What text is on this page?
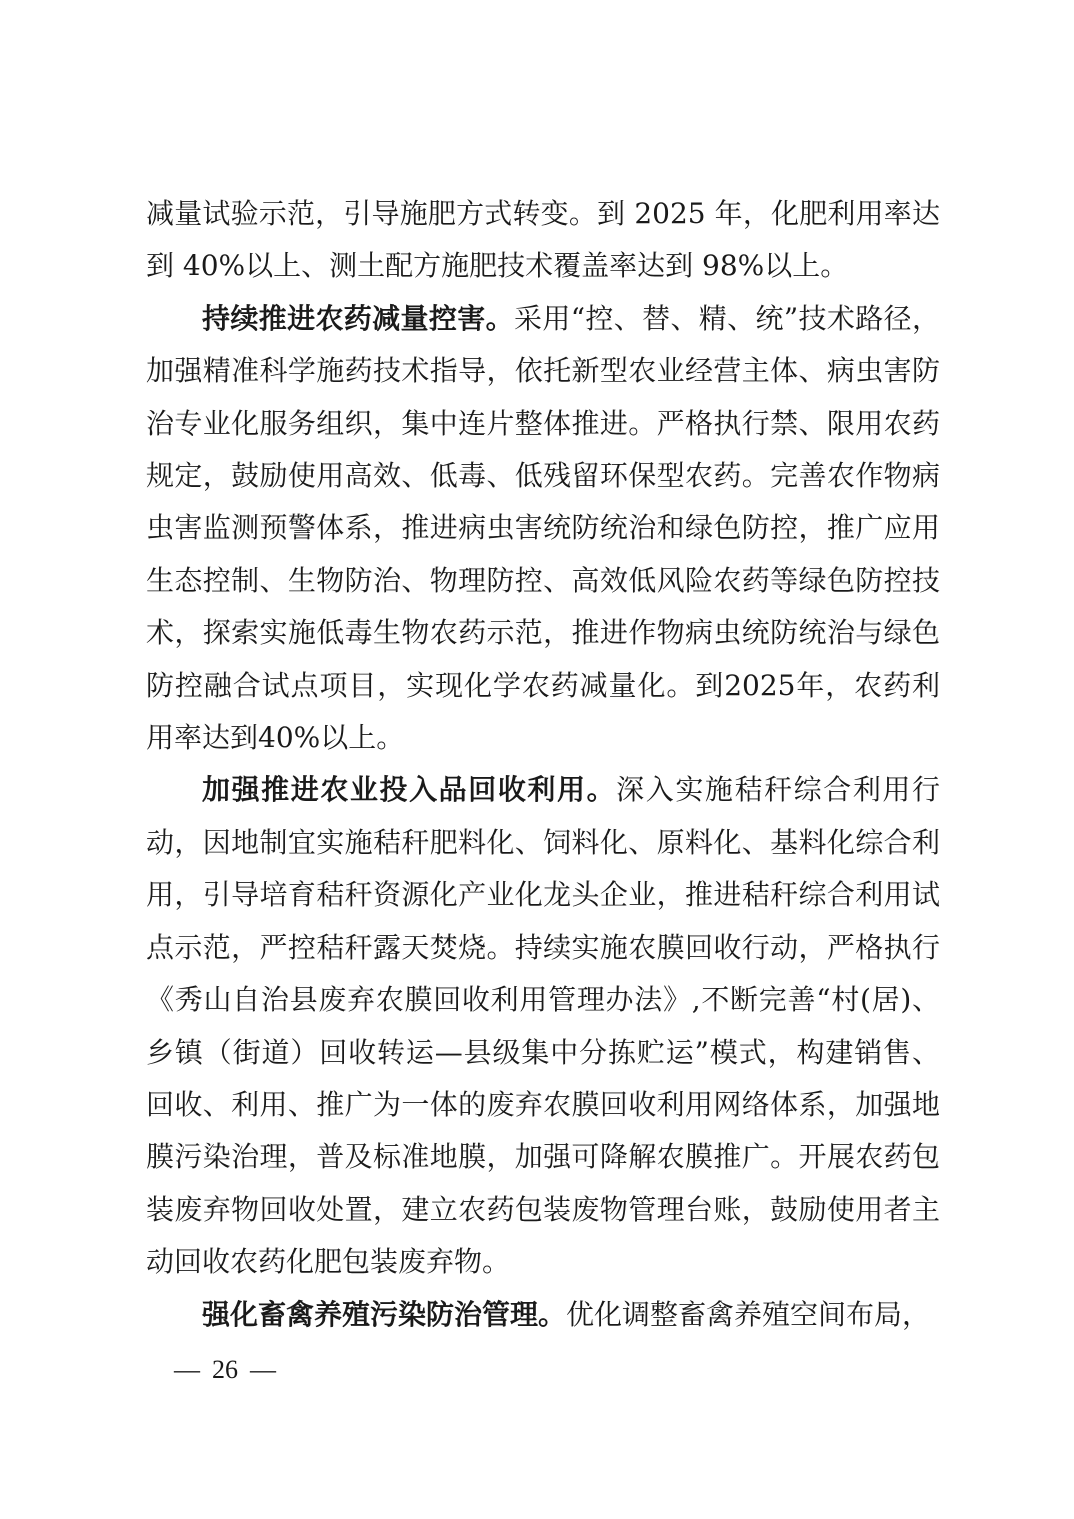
减量试验示范，引导施肥方式转变。到 2025 年，化肥利用率达到 40%以上、测土配方施肥技术覆盖率达到 98%以上。

持续推进农药减量控害。采用“控、替、精、统”技术路径，加强精准科学施药技术指导，依托新型农业经营主体、病虫害防治专业化服务组织，集中连片整体推进。严格执行禁、限用农药规定，鼓励使用高效、低毒、低残留环保型农药。完善农作物病虫害监测预警体系，推进病虫害统防统治和绿色防控，推广应用生态控制、生物防治、物理防控、高效低风险农药等绿色防控技术，探索实施低毒生物农药示范，推进作物病虫统防统治与绿色防控融合试点项目，实现化学农药减量化。到2025年，农药利用率达到40%以上。

加强推进农业投入品回收利用。深入实施秸秆综合利用行动，因地制宜实施秸秆肥料化、饲料化、原料化、基料化综合利用，引导培育秸秆资源化产业化龙头企业，推进秸秆综合利用试点示范，严控秸秆露天焚烧。持续实施农膜回收行动，严格执行《秀山自治县废弃农膜回收利用管理办法》,不断完善“村(居)、乡镇（街道）回收转运—县级集中分拣贮运”模式，构建销售、回收、利用、推广为一体的废弃农膜回收利用网络体系，加强地膜污染治理，普及标准地膜，加强可降解农膜推广。开展农药包装废弃物回收处置，建立农药包装废物管理台账，鼓励使用者主动回收农药化肥包装废弃物。

强化畜禽养殖污染防治管理。优化调整畜禽养殖空间布局，

— 26 —
